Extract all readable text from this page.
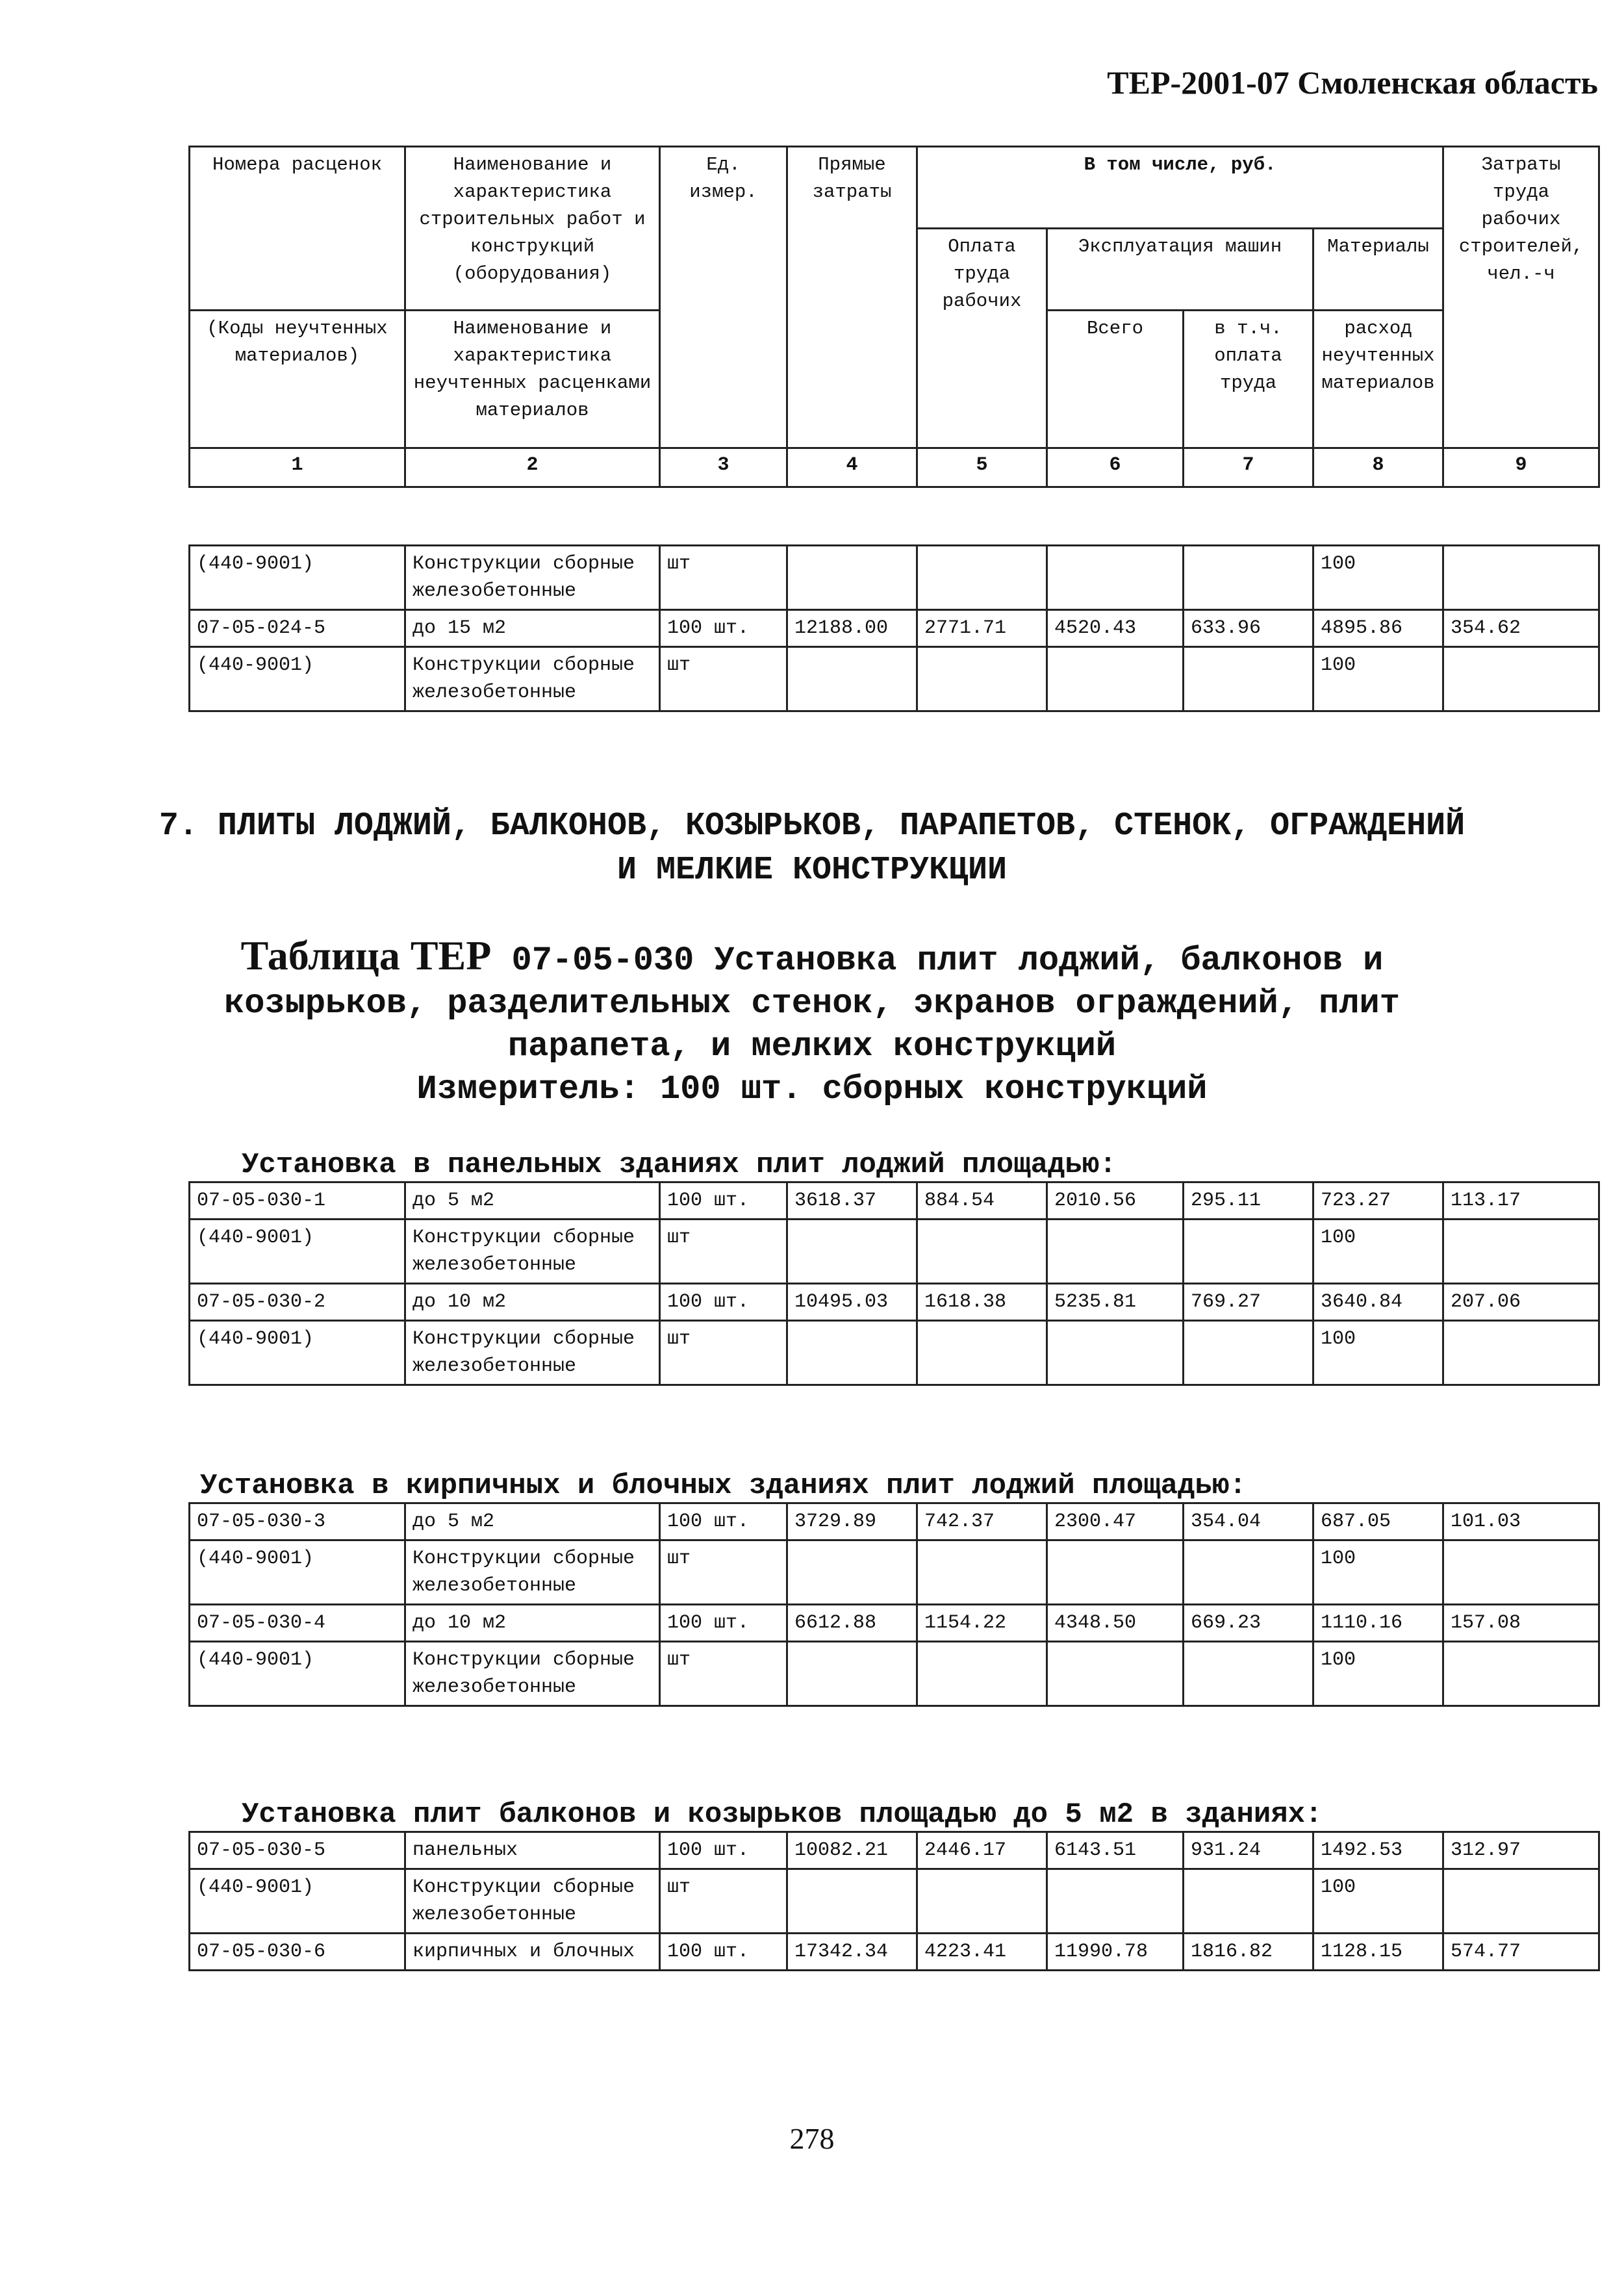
ТЕР-2001-07 Смоленская область
Номера расценок	Наименование и характеристика строительных работ и конструкций (оборудования)	Ед. измер.	Прямые затраты	В том числе, руб.				Затраты труда рабочих строителей, чел.-ч
				Оплата труда рабочих	Эксплуатация машин		Материалы	
(Коды неучтенных материалов)	Наименование и характеристика неучтенных расценками материалов				Всего	в т.ч. оплата труда	расход неучтенных материалов	
1	2	3	4	5	6	7	8	9
(440-9001)	Конструкции сборные железобетонные	шт					100	
07-05-024-5	до 15 м2	100 шт.	12188.00	2771.71	4520.43	633.96	4895.86	354.62
(440-9001)	Конструкции сборные железобетонные	шт					100	
7. ПЛИТЫ ЛОДЖИЙ, БАЛКОНОВ, КОЗЫРЬКОВ, ПАРАПЕТОВ, СТЕНОК, ОГРАЖДЕНИЙ И МЕЛКИЕ КОНСТРУКЦИИ
Таблица ТЕР 07-05-030 Установка плит лоджий, балконов и козырьков, разделительных стенок, экранов ограждений, плит парапета, и мелких конструкций
Измеритель: 100 шт. сборных конструкций
Установка в панельных зданиях плит лоджий площадью:
07-05-030-1	до 5 м2	100 шт.	3618.37	884.54	2010.56	295.11	723.27	113.17
(440-9001)	Конструкции сборные железобетонные	шт					100	
07-05-030-2	до 10 м2	100 шт.	10495.03	1618.38	5235.81	769.27	3640.84	207.06
(440-9001)	Конструкции сборные железобетонные	шт					100	
Установка в кирпичных и блочных зданиях плит лоджий площадью:
07-05-030-3	до 5 м2	100 шт.	3729.89	742.37	2300.47	354.04	687.05	101.03
(440-9001)	Конструкции сборные железобетонные	шт					100	
07-05-030-4	до 10 м2	100 шт.	6612.88	1154.22	4348.50	669.23	1110.16	157.08
(440-9001)	Конструкции сборные железобетонные	шт					100	
Установка плит балконов и козырьков площадью до 5 м2 в зданиях:
07-05-030-5	панельных	100 шт.	10082.21	2446.17	6143.51	931.24	1492.53	312.97
(440-9001)	Конструкции сборные железобетонные	шт					100	
07-05-030-6	кирпичных и блочных	100 шт.	17342.34	4223.41	11990.78	1816.82	1128.15	574.77
278
